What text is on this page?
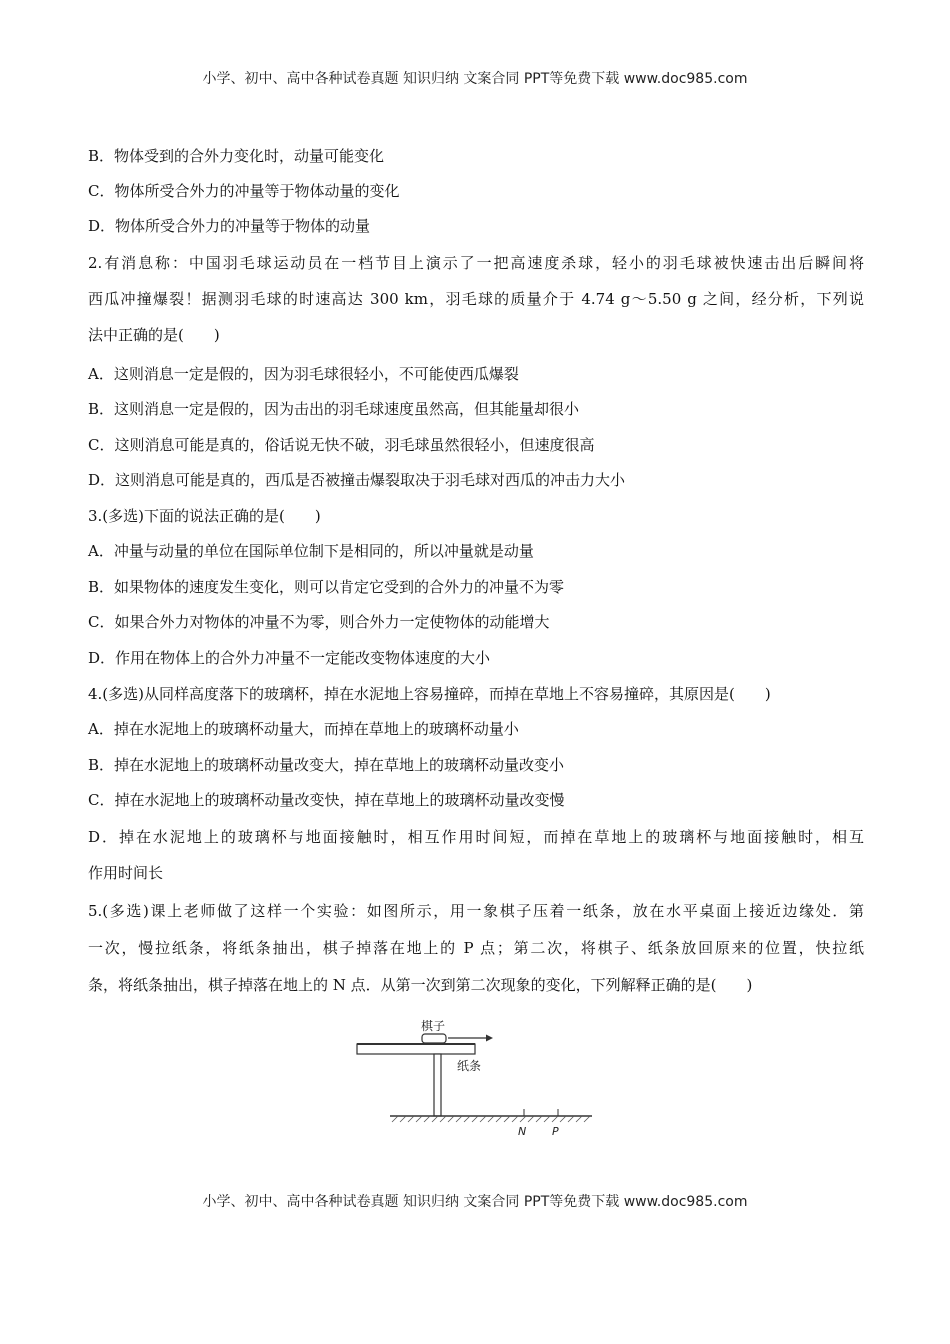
小学、初中、高中各种试卷真题 知识归纳 文案合同 PPT等免费下载 www.doc985.com
B．物体受到的合外力变化时，动量可能变化
C．物体所受合外力的冲量等于物体动量的变化
D．物体所受合外力的冲量等于物体的动量
2.有消息称：中国羽毛球运动员在一档节目上演示了一把高速度杀球，轻小的羽毛球被快速击出后瞬间将
西瓜冲撞爆裂！据测羽毛球的时速高达 300 km，羽毛球的质量介于 4.74 g～5.50 g 之间，经分析，下列说
法中正确的是(　　)
A．这则消息一定是假的，因为羽毛球很轻小，不可能使西瓜爆裂
B．这则消息一定是假的，因为击出的羽毛球速度虽然高，但其能量却很小
C．这则消息可能是真的，俗话说无快不破，羽毛球虽然很轻小，但速度很高
D．这则消息可能是真的，西瓜是否被撞击爆裂取决于羽毛球对西瓜的冲击力大小
3.(多选)下面的说法正确的是(　　)
A．冲量与动量的单位在国际单位制下是相同的，所以冲量就是动量
B．如果物体的速度发生变化，则可以肯定它受到的合外力的冲量不为零
C．如果合外力对物体的冲量不为零，则合外力一定使物体的动能增大
D．作用在物体上的合外力冲量不一定能改变物体速度的大小
4.(多选)从同样高度落下的玻璃杯，掉在水泥地上容易撞碎，而掉在草地上不容易撞碎，其原因是(　　)
A．掉在水泥地上的玻璃杯动量大，而掉在草地上的玻璃杯动量小
B．掉在水泥地上的玻璃杯动量改变大，掉在草地上的玻璃杯动量改变小
C．掉在水泥地上的玻璃杯动量改变快，掉在草地上的玻璃杯动量改变慢
D．掉在水泥地上的玻璃杯与地面接触时，相互作用时间短，而掉在草地上的玻璃杯与地面接触时，相互
作用时间长
5.(多选)课上老师做了这样一个实验：如图所示，用一象棋子压着一纸条，放在水平桌面上接近边缘处．第
一次，慢拉纸条，将纸条抽出，棋子掉落在地上的 P 点；第二次，将棋子、纸条放回原来的位置，快拉纸
条，将纸条抽出，棋子掉落在地上的 N 点．从第一次到第二次现象的变化，下列解释正确的是(　　)
棋子
纸条
N P
小学、初中、高中各种试卷真题 知识归纳 文案合同 PPT等免费下载 www.doc985.com
